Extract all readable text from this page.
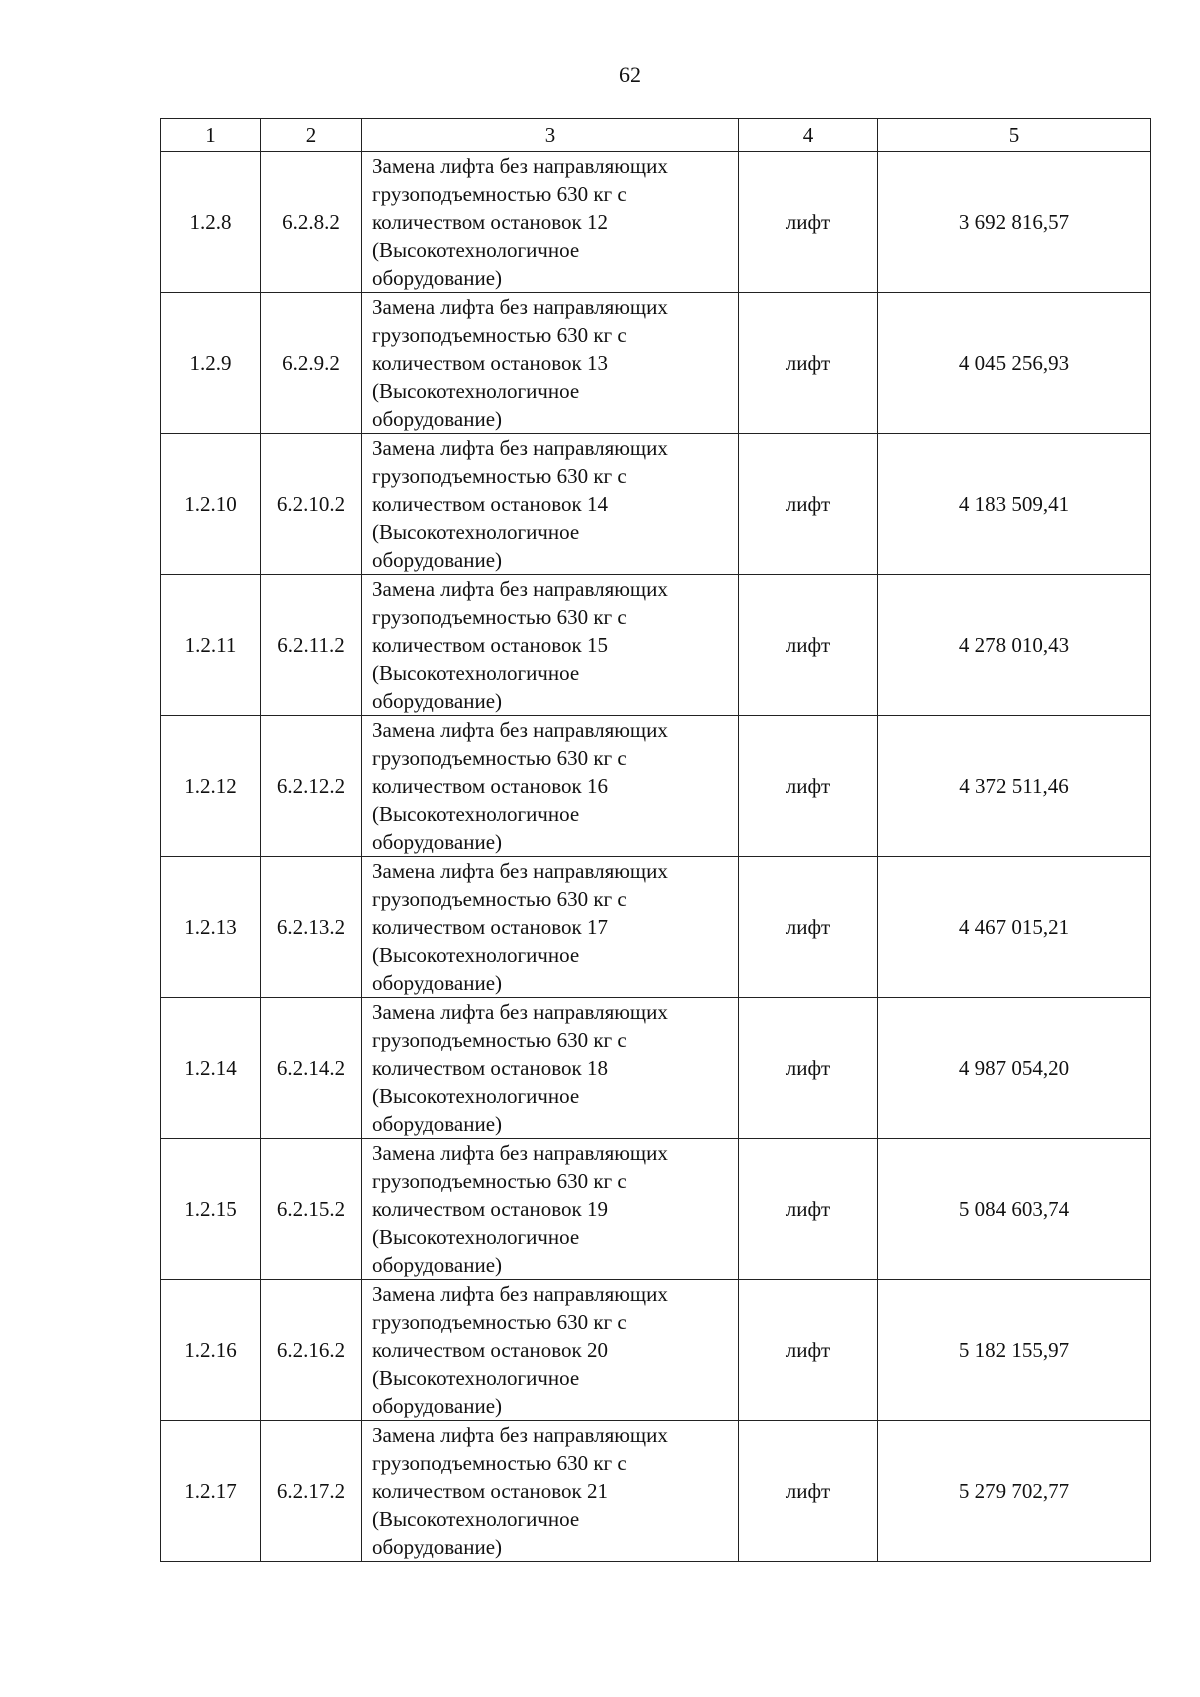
62
1	2	3	4	5
1.2.8	6.2.8.2	Замена лифта без направляющих
грузоподъемностью 630 кг с
количеством остановок 12
(Высокотехнологичное
оборудование)	лифт	3 692 816,57
1.2.9	6.2.9.2	Замена лифта без направляющих
грузоподъемностью 630 кг с
количеством остановок 13
(Высокотехнологичное
оборудование)	лифт	4 045 256,93
1.2.10	6.2.10.2	Замена лифта без направляющих
грузоподъемностью 630 кг с
количеством остановок 14
(Высокотехнологичное
оборудование)	лифт	4 183 509,41
1.2.11	6.2.11.2	Замена лифта без направляющих
грузоподъемностью 630 кг с
количеством остановок 15
(Высокотехнологичное
оборудование)	лифт	4 278 010,43
1.2.12	6.2.12.2	Замена лифта без направляющих
грузоподъемностью 630 кг с
количеством остановок 16
(Высокотехнологичное
оборудование)	лифт	4 372 511,46
1.2.13	6.2.13.2	Замена лифта без направляющих
грузоподъемностью 630 кг с
количеством остановок 17
(Высокотехнологичное
оборудование)	лифт	4 467 015,21
1.2.14	6.2.14.2	Замена лифта без направляющих
грузоподъемностью 630 кг с
количеством остановок 18
(Высокотехнологичное
оборудование)	лифт	4 987 054,20
1.2.15	6.2.15.2	Замена лифта без направляющих
грузоподъемностью 630 кг с
количеством остановок 19
(Высокотехнологичное
оборудование)	лифт	5 084 603,74
1.2.16	6.2.16.2	Замена лифта без направляющих
грузоподъемностью 630 кг с
количеством остановок 20
(Высокотехнологичное
оборудование)	лифт	5 182 155,97
1.2.17	6.2.17.2	Замена лифта без направляющих
грузоподъемностью 630 кг с
количеством остановок 21
(Высокотехнологичное
оборудование)	лифт	5 279 702,77
